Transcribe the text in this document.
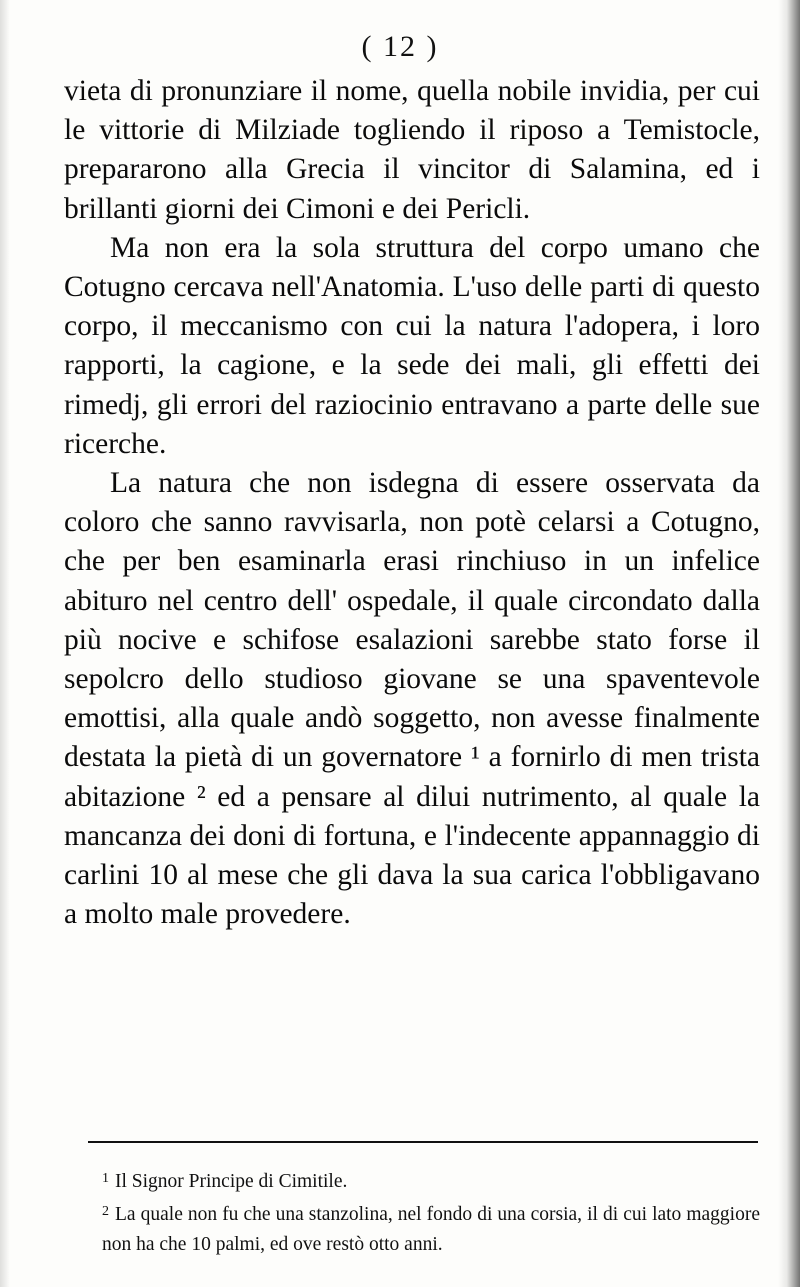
( 12 )

vieta di pronunziare il nome, quella nobile invidia, per cui le vittorie di Milziade togliendo il riposo a Temistocle, prepararono alla Grecia il vincitor di Salamina, ed i brillanti giorni dei Cimoni e dei Pericli.

Ma non era la sola struttura del corpo umano che Cotugno cercava nell'Anatomia. L'uso delle parti di questo corpo, il meccanismo con cui la natura l'adopera, i loro rapporti, la cagione, e la sede dei mali, gli effetti dei rimedj, gli errori del raziocinio entravano a parte delle sue ricerche.

La natura che non isdegna di essere osservata da coloro che sanno ravvisarla, non potè celarsi a Cotugno, che per ben esaminarla erasi rinchiuso in un infelice abituro nel centro dell' ospedale, il quale circondato dalla più nocive e schifose esalazioni sarebbe stato forse il sepolcro dello studioso giovane se una spaventevole emottisi, alla quale andò soggetto, non avesse finalmente destata la pietà di un governatore ¹ a fornirlo di men trista abitazione ² ed a pensare al dilui nutrimento, al quale la mancanza dei doni di fortuna, e l'indecente appannaggio di carlini 10 al mese che gli dava la sua carica l'obbligavano a molto male provedere.

$^1$ Il Signor Principe di Cimitile.

$^2$ La quale non fu che una stanzolina, nel fondo di una corsia, il di cui lato maggiore non ha che 10 palmi, ed ove restò otto anni.
